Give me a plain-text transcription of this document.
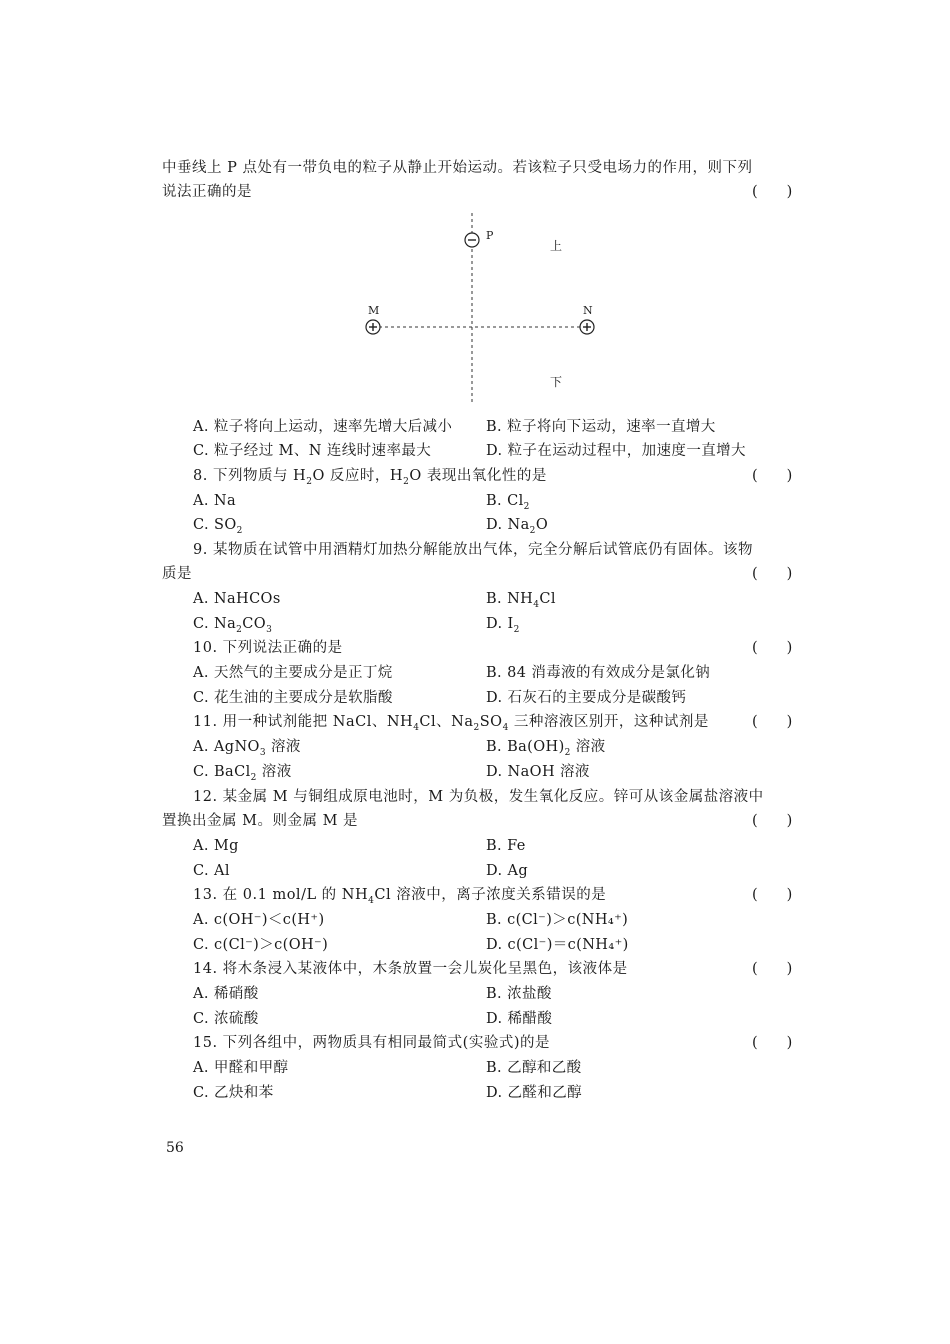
中垂线上 P 点处有一带负电的粒子从静止开始运动。若该粒子只受电场力的作用，则下列
说法正确的是	(　　)
P
M	N
上
下
A. 粒子将向上运动，速率先增大后减小 B. 粒子将向下运动，速率一直增大
C. 粒子经过 M、N 连线时速率最大	D. 粒子在运动过程中，加速度一直增大
8. 下列物质与 $H_2O$ 反应时，$H_2O$ 表现出氧化性的是	(　　)
A. Na	B. $Cl_2$
C. $SO_2$	D. $Na_2O$
9. 某物质在试管中用酒精灯加热分解能放出气体，完全分解后试管底仍有固体。该物
质是	(　　)
A. NaHCOs	B. $NH_4Cl$
C. $Na_2CO_3$	D. $I_2$
10. 下列说法正确的是	(　　)
A. 天然气的主要成分是正丁烷	B. 84 消毒液的有效成分是氯化钠
C. 花生油的主要成分是软脂酸	D. 石灰石的主要成分是碳酸钙
11. 用一种试剂能把 NaCl、$NH_4Cl$、$Na_2SO_4$ 三种溶液区别开，这种试剂是	(　　)
A. AgNO$_3$ 溶液	B. $Ba(OH)_2$ 溶液
C. BaCl$_2$ 溶液	D. NaOH 溶液
12. 某金属 M 与铜组成原电池时，M 为负极，发生氧化反应。锌可从该金属盐溶液中
置换出金属 M。则金属 M 是	(　　)
A. Mg	B. Fe
C. Al	D. Ag
13. 在 0.1 mol/L 的 $NH_4Cl$ 溶液中，离子浓度关系错误的是	(　　)
A. c(OH⁻)＜c(H⁺)	B. c(Cl⁻)＞c(NH₄⁺)
C. c(Cl⁻)＞c(OH⁻)	D. c(Cl⁻)＝c(NH₄⁺)
14. 将木条浸入某液体中，木条放置一会儿炭化呈黑色，该液体是	(　　)
A. 稀硝酸	B. 浓盐酸
C. 浓硫酸	D. 稀醋酸
15. 下列各组中，两物质具有相同最简式(实验式)的是	(　　)
A. 甲醛和甲醇	B. 乙醇和乙酸
C. 乙炔和苯	D. 乙醛和乙醇
56
